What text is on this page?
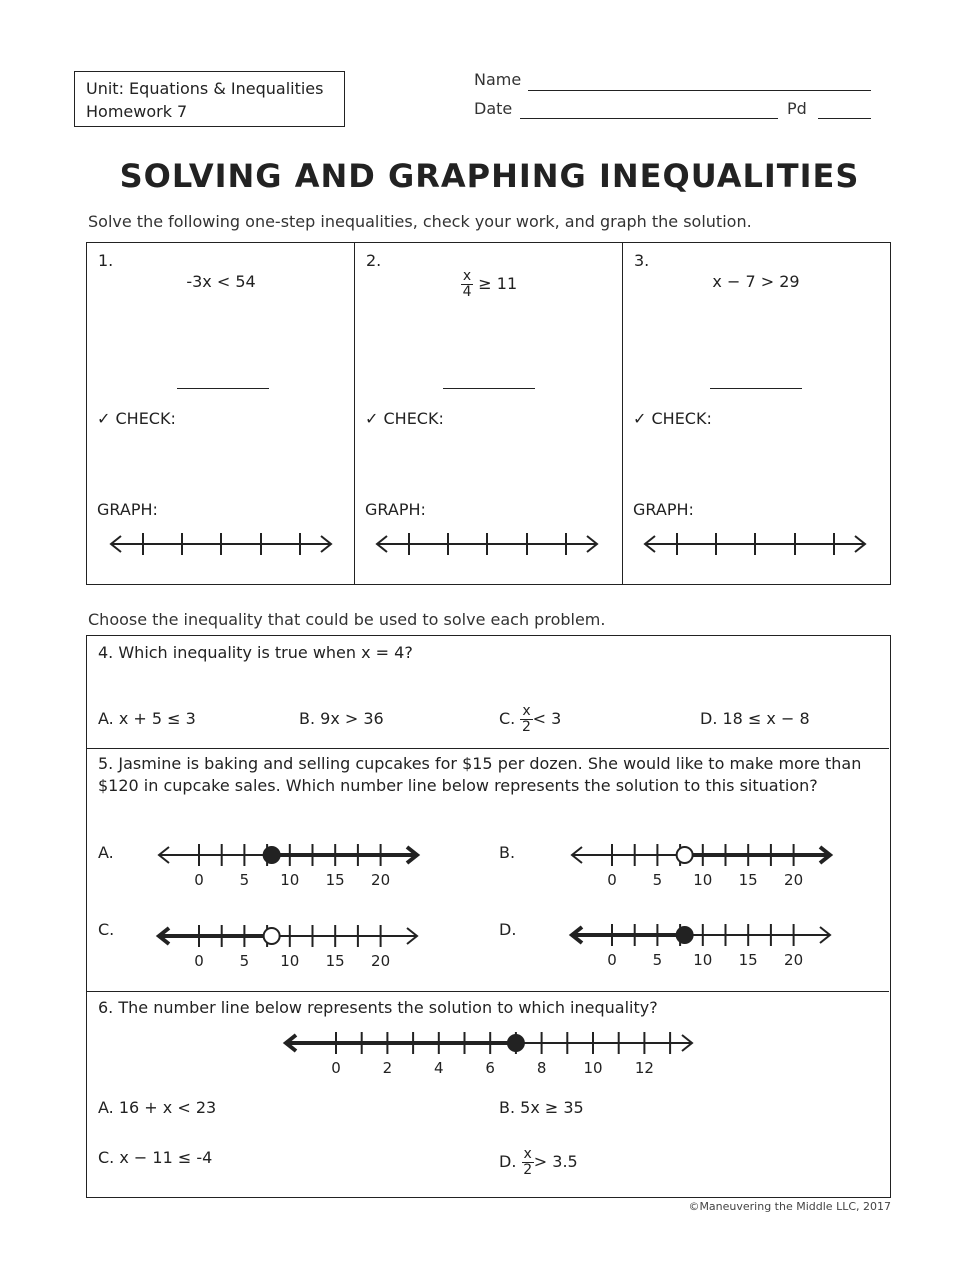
Unit: Equations & Inequalities
Homework 7
Name
Date	Pd
SOLVING AND GRAPHING INEQUALITIES
Solve the following one-step inequalities, check your work, and graph the solution.
1.
-3x < 54
✓ CHECK:
GRAPH:
2.
$\frac{x}{4} \ge 11$
✓ CHECK:
GRAPH:
3.
x − 7 > 29
✓ CHECK:
GRAPH:
Choose the inequality that could be used to solve each problem.
4. Which inequality is true when x = 4?
A. x + 5 ≤ 3	B. 9x > 36	C. $\frac{x}{2} < 3$	D. 18 ≤ x − 8
5. Jasmine is baking and selling cupcakes for $15 per dozen. She would like to make more than $120 in cupcake sales. Which number line below represents the solution to this situation?
A.
0 5 10 15 20
B.
0 5 10 15 20
C.
0 5 10 15 20
D.
0 5 10 15 20
6. The number line below represents the solution to which inequality?
0	2	4	6	8 10 12
A. 16 + x < 23	B. 5x ≥ 35
C. x − 11 ≤ -4	D. $\frac{x}{2} > 3.5$
©Maneuvering the Middle LLC, 2017
